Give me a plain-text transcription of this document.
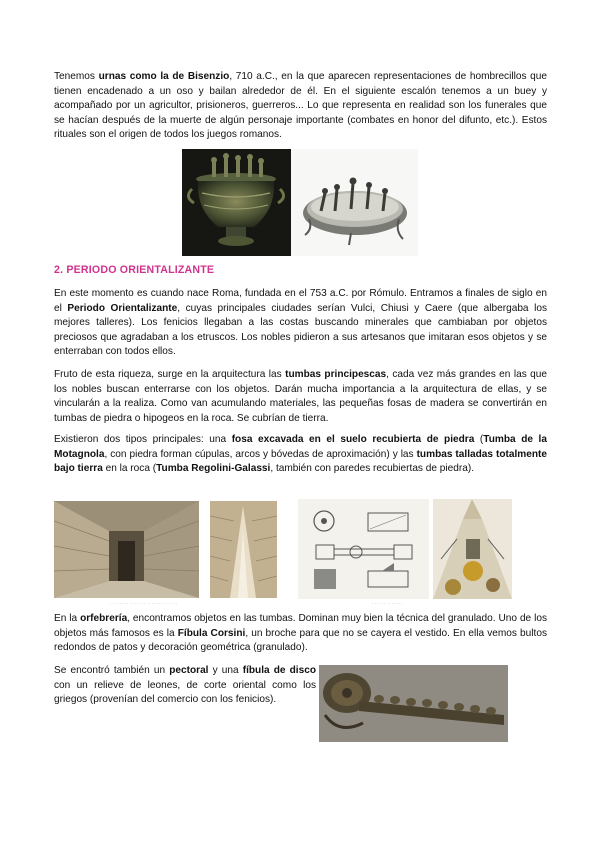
Tenemos urnas como la de Bisenzio, 710 a.C., en la que aparecen representaciones de hombrecillos que tienen encadenado a un oso y bailan alrededor de él. En el siguiente escalón tenemos a un buey y acompañado por un agricultor, prisioneros, guerreros... Lo que representa en realidad son los funerales que se hacían después de la muerte de algún personaje importante (combates en honor del difunto, etc.). Estos rituales son el origen de todos los juegos romanos.

2. PERIODO ORIENTALIZANTE

En este momento es cuando nace Roma, fundada en el 753 a.C. por Rómulo. Entramos a finales de siglo en el Periodo Orientalizante, cuyas principales ciudades serían Vulci, Chiusi y Caere (que albergaba los mejores talleres). Los fenicios llegaban a las costas buscando minerales que cambiaban por objetos preciosos que agradaban a los etruscos. Los nobles pidieron a sus artesanos que imitaran esos objetos y se enterraban con todos ellos.

Fruto de esta riqueza, surge en la arquitectura las tumbas principescas, cada vez más grandes en las que los nobles buscan enterrarse con los objetos. Darán mucha importancia a la arquitectura de ellas, y se vincularán a la realiza. Como van acumulando materiales, las pequeñas fosas de madera se convertirán en tumbas de piedra o hipogeos en la roca. Se cubrían de tierra.

Existieron dos tipos principales: una fosa excavada en el suelo recubierta de piedra (Tumba de la Motagnola, con piedra forman cúpulas, arcos y bóvedas de aproximación) y las tumbas talladas totalmente bajo tierra en la roca (Tumba Regolini-Galassi, también con paredes recubiertas de piedra).

· · · · · · · · · · · · · · · · · · · · · · · · · · · ·	· · · · · · · · · · · · ·

En la orfebrería, encontramos objetos en las tumbas. Dominan muy bien la técnica del granulado. Uno de los objetos más famosos es la Fíbula Corsini, un broche para que no se cayera el vestido. En ella vemos bultos redondos de patos y decoración geométrica (granulado).

Se encontró también un pectoral y una fíbula de disco con un relieve de leones, de corte oriental como los griegos (provenían del comercio con los fenicios).
